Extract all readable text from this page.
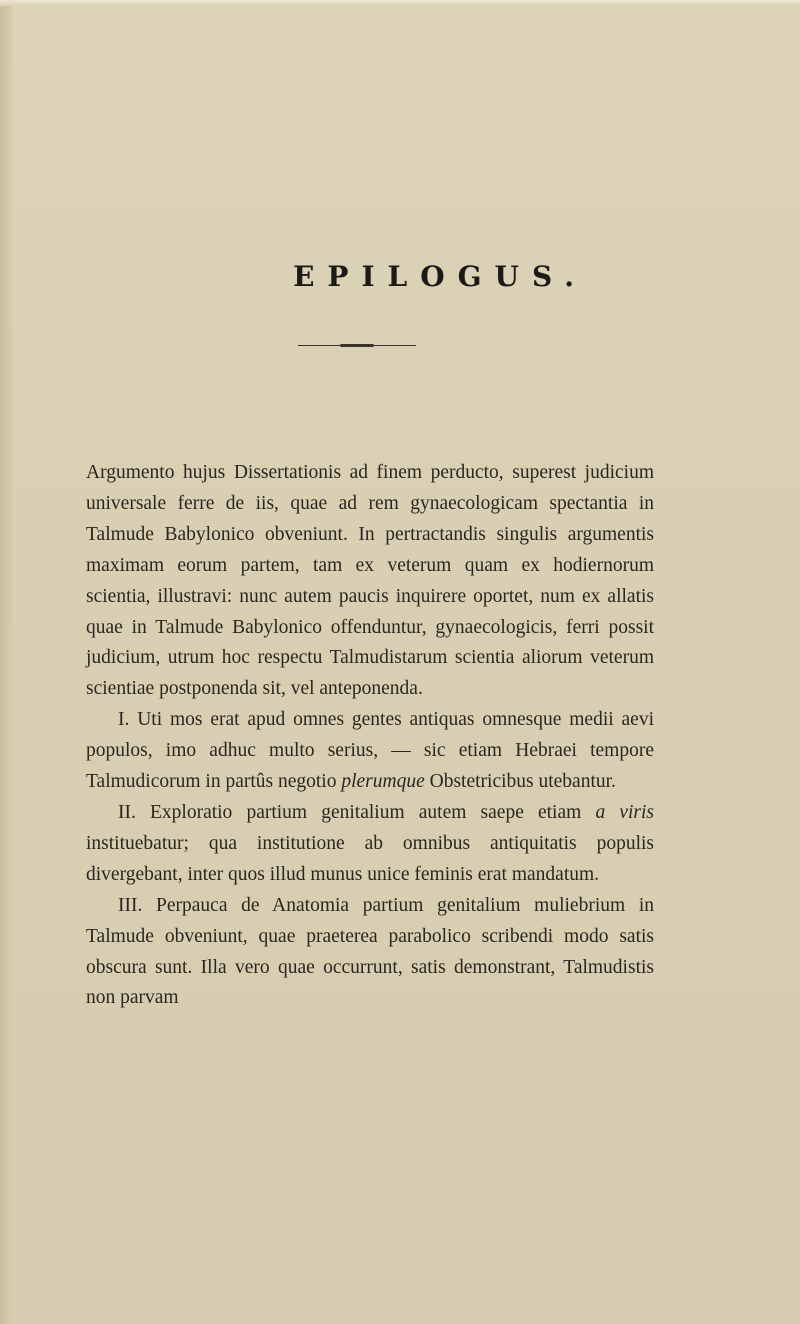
EPILOGUS.

Argumento hujus Dissertationis ad finem perducto, superest judicium universale ferre de iis, quae ad rem gynaecologicam spectantia in Talmude Babylonico obveniunt. In pertractandis singulis argumentis maximam eorum partem, tam ex veterum quam ex hodiernorum scientia, illustravi: nunc autem paucis inquirere oportet, num ex allatis quae in Talmude Babylonico offenduntur, gynaecologicis, ferri possit judicium, utrum hoc respectu Talmudistarum scientia aliorum veterum scientiae postponenda sit, vel anteponenda.

I. Uti mos erat apud omnes gentes antiquas omnesque medii aevi populos, imo adhuc multo serius, — sic etiam Hebraei tempore Talmudicorum in partûs negotio plerumque Obstetricibus utebantur.

II. Exploratio partium genitalium autem saepe etiam a viris instituebatur; qua institutione ab omnibus antiquitatis populis divergebant, inter quos illud munus unice feminis erat mandatum.

III. Perpauca de Anatomia partium genitalium muliebrium in Talmude obveniunt, quae praeterea parabolico scribendi modo satis obscura sunt. Illa vero quae occurrunt, satis demonstrant, Talmudistis non parvam
